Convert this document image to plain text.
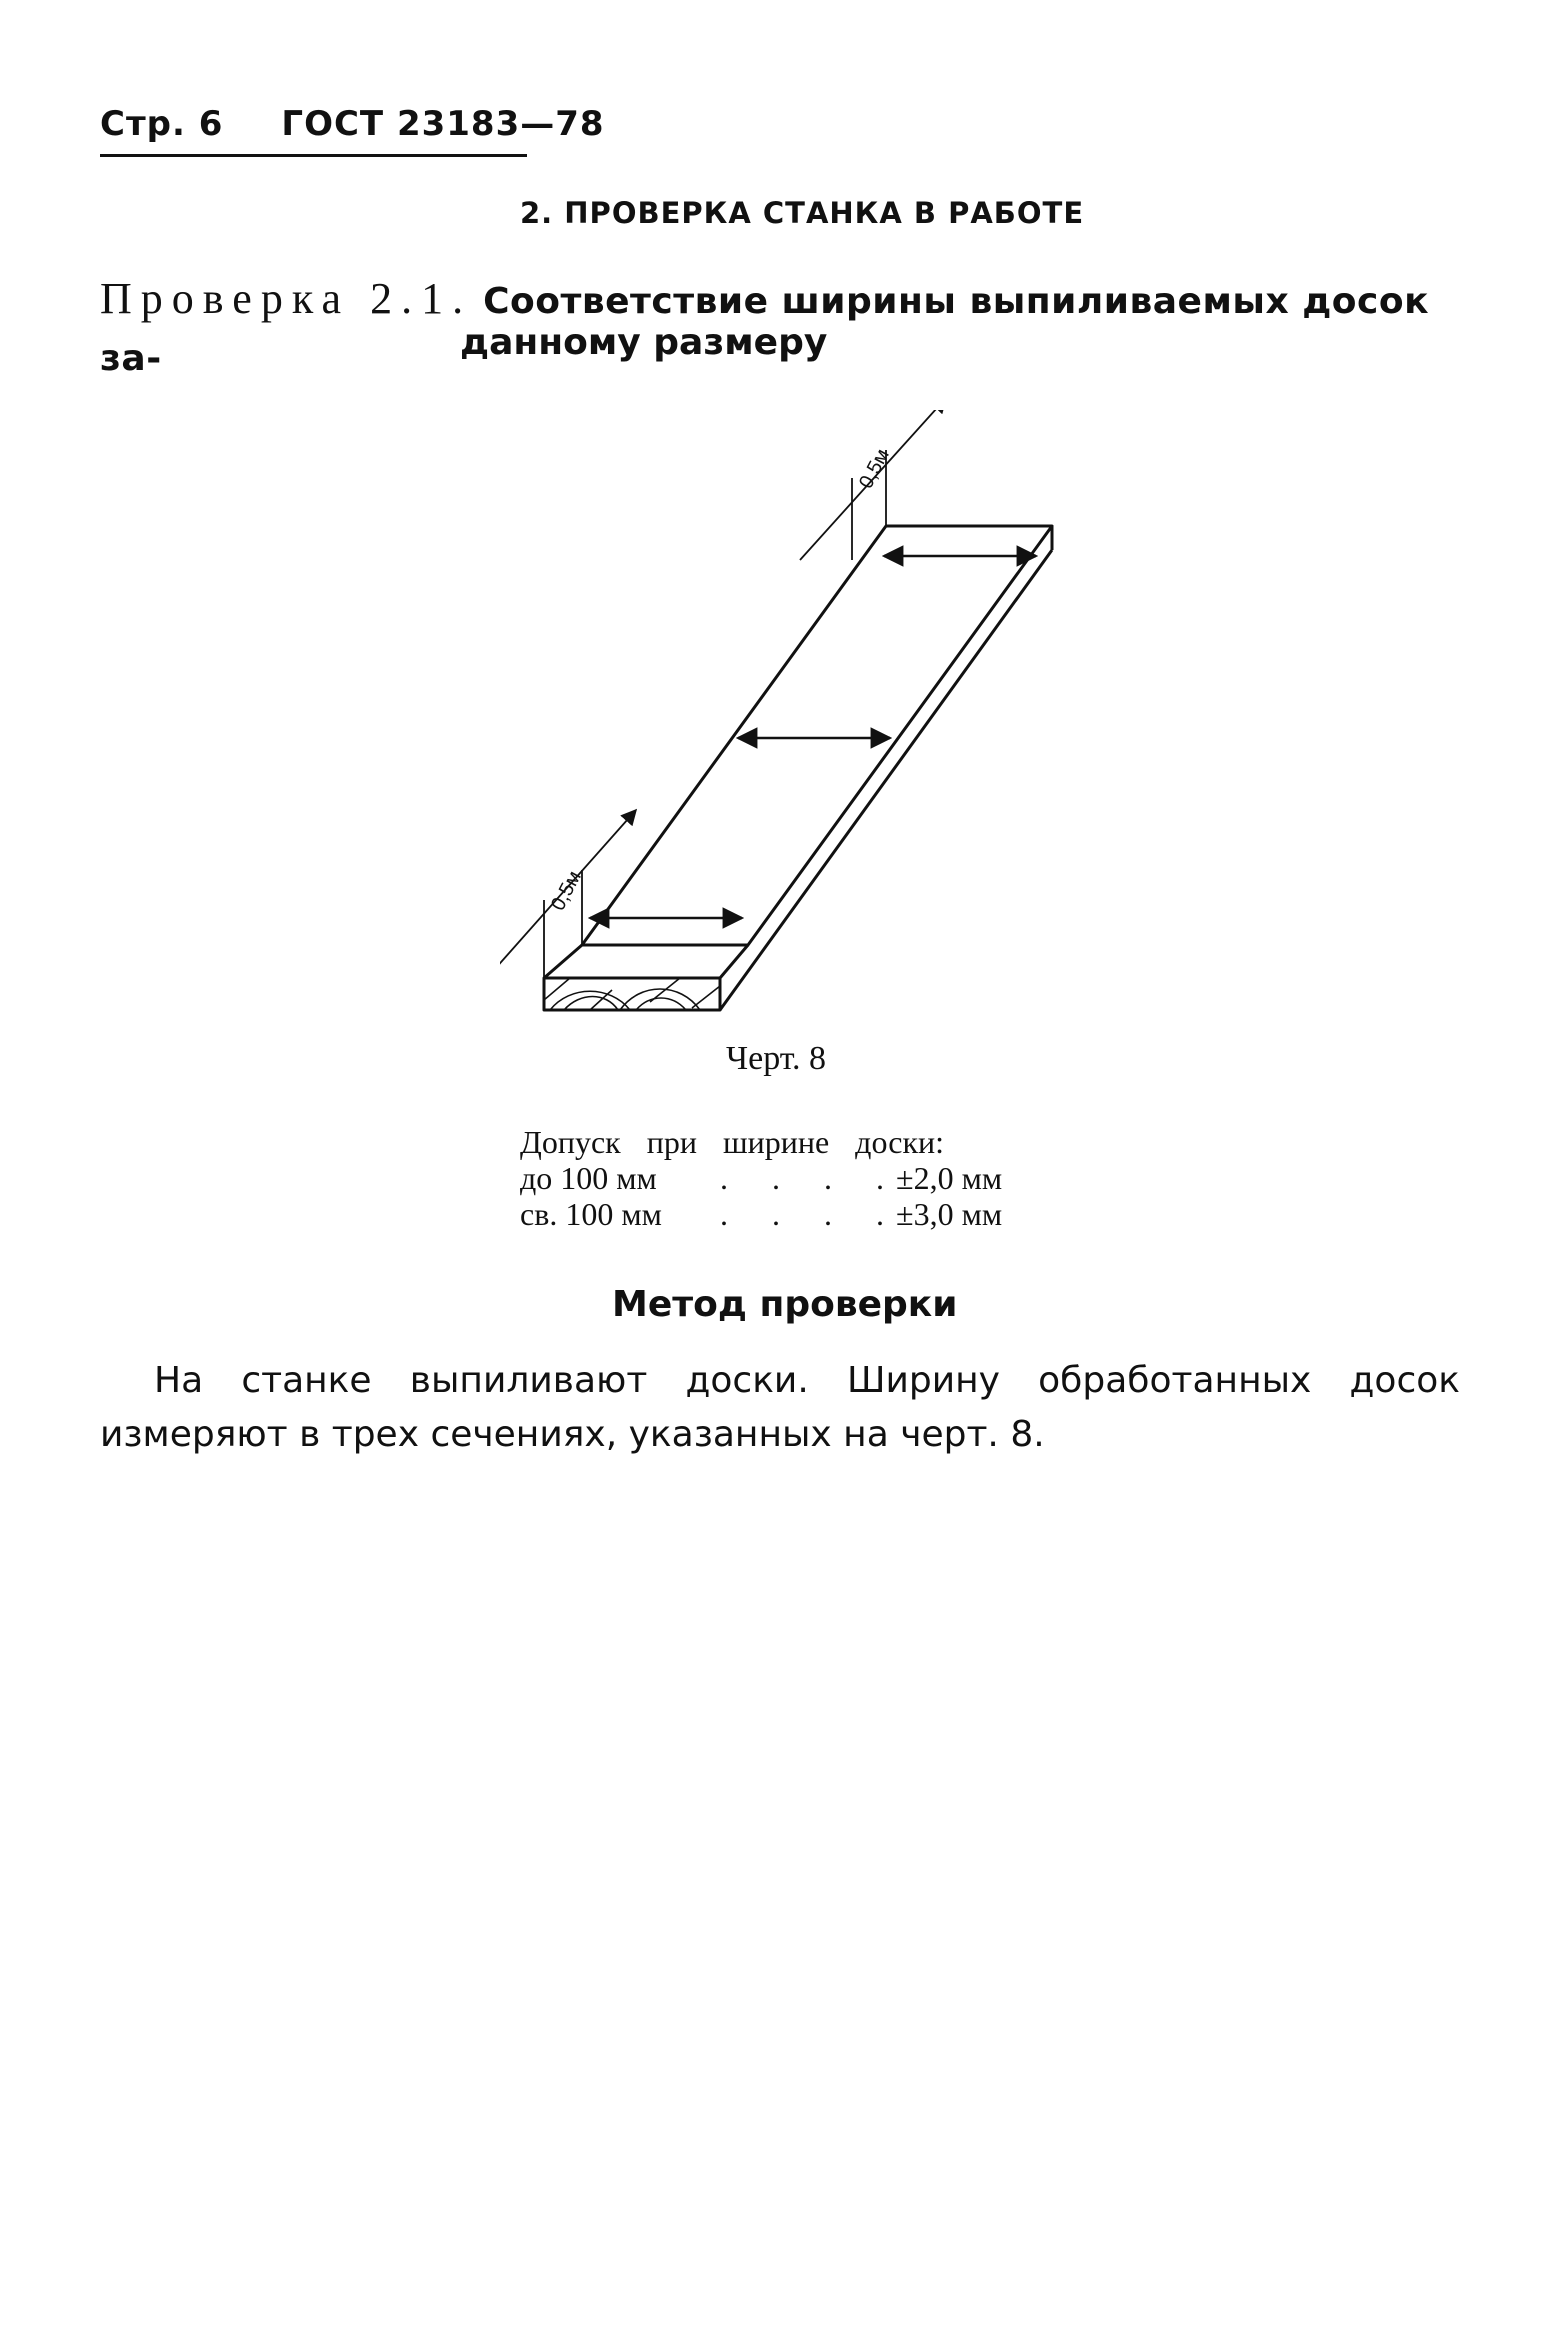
Стр. 6 ГОСТ 23183—78
2. ПРОВЕРКА СТАНКА В РАБОТЕ
Проверка 2.1. Соответствие ширины выпиливаемых досок за-	данному размеру
0,5м
0,5м
Черт. 8
Допуск при ширине доски:
до 100 мм . . . .
±2,0 мм
св. 100 мм . . . .
±3,0 мм
Метод проверки
На станке выпиливают доски. Ширину обработанных досок измеряют в трех сечениях, указанных на черт. 8.
